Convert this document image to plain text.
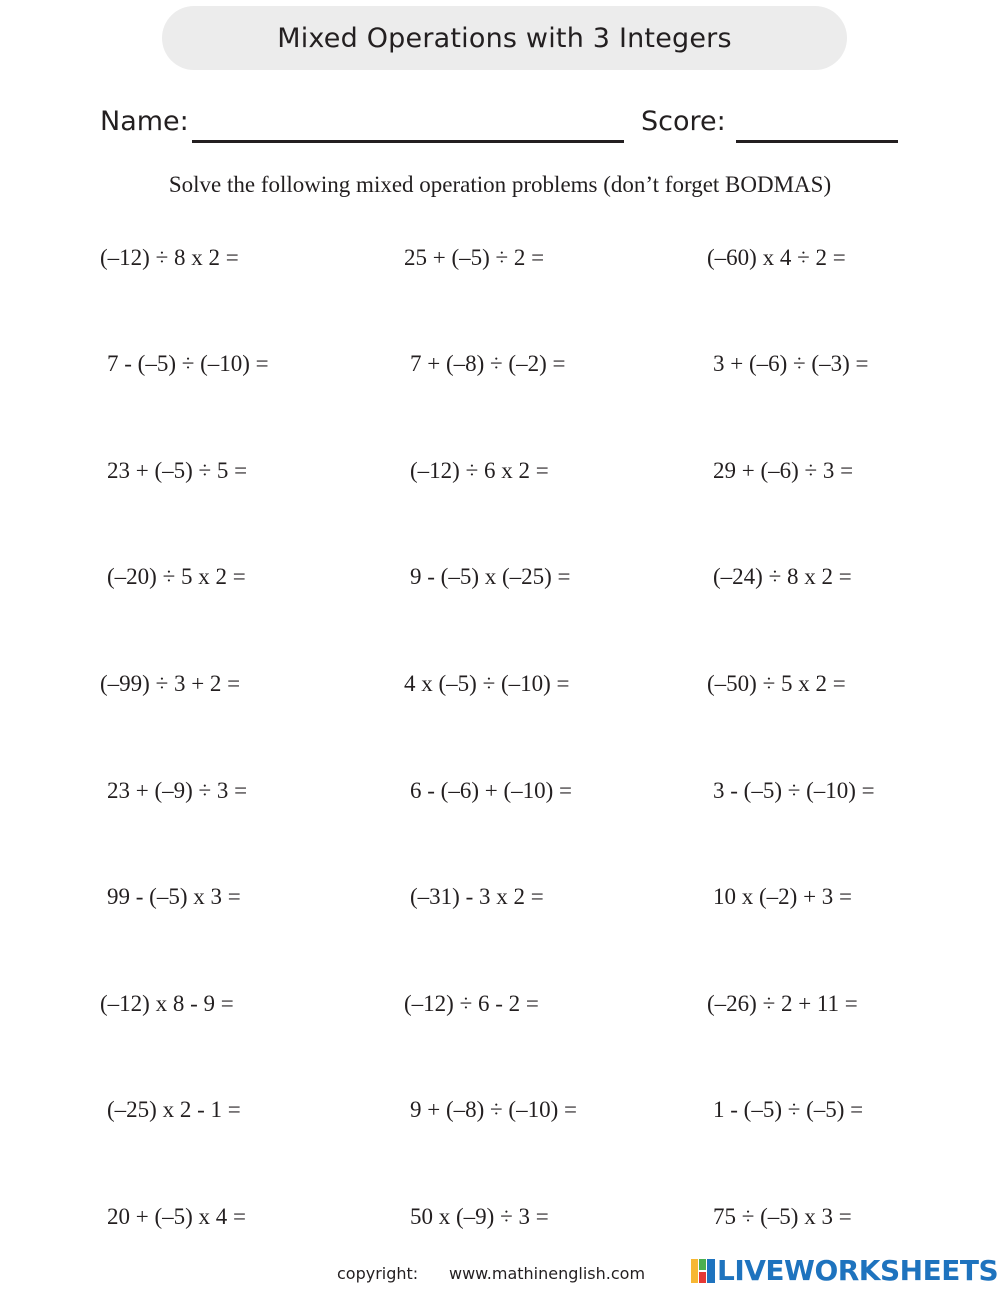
Mixed Operations with 3 Integers
Name:	Score:
Solve the following mixed operation problems (don’t forget BODMAS)
(–12) ÷ 8 x 2 =	25 + (–5) ÷ 2 =	(–60) x 4 ÷ 2 =
7 - (–5) ÷ (–10) =	7 + (–8) ÷ (–2) =	3 + (–6) ÷ (–3) =
23 + (–5) ÷ 5 =	(–12) ÷ 6 x 2 =	29 + (–6) ÷ 3 =
(–20) ÷ 5 x 2 =	9 - (–5) x (–25) =	(–24) ÷ 8 x 2 =
(–99) ÷ 3 + 2 =	4 x (–5) ÷ (–10) =	(–50) ÷ 5 x 2 =
23 + (–9) ÷ 3 =	6 - (–6) + (–10) =	3 - (–5) ÷ (–10) =
99 - (–5) x 3 =	(–31) - 3 x 2 =	10 x (–2) + 3 =
(–12) x 8 - 9 =	(–12) ÷ 6 - 2 =	(–26) ÷ 2 + 11 =
(–25) x 2 - 1 =	9 + (–8) ÷ (–10) =	1 - (–5) ÷ (–5) =
20 + (–5) x 4 =	50 x (–9) ÷ 3 =	75 ÷ (–5) x 3 =
copyright: www.mathinenglish.com	LIVEWORKSHEETS
